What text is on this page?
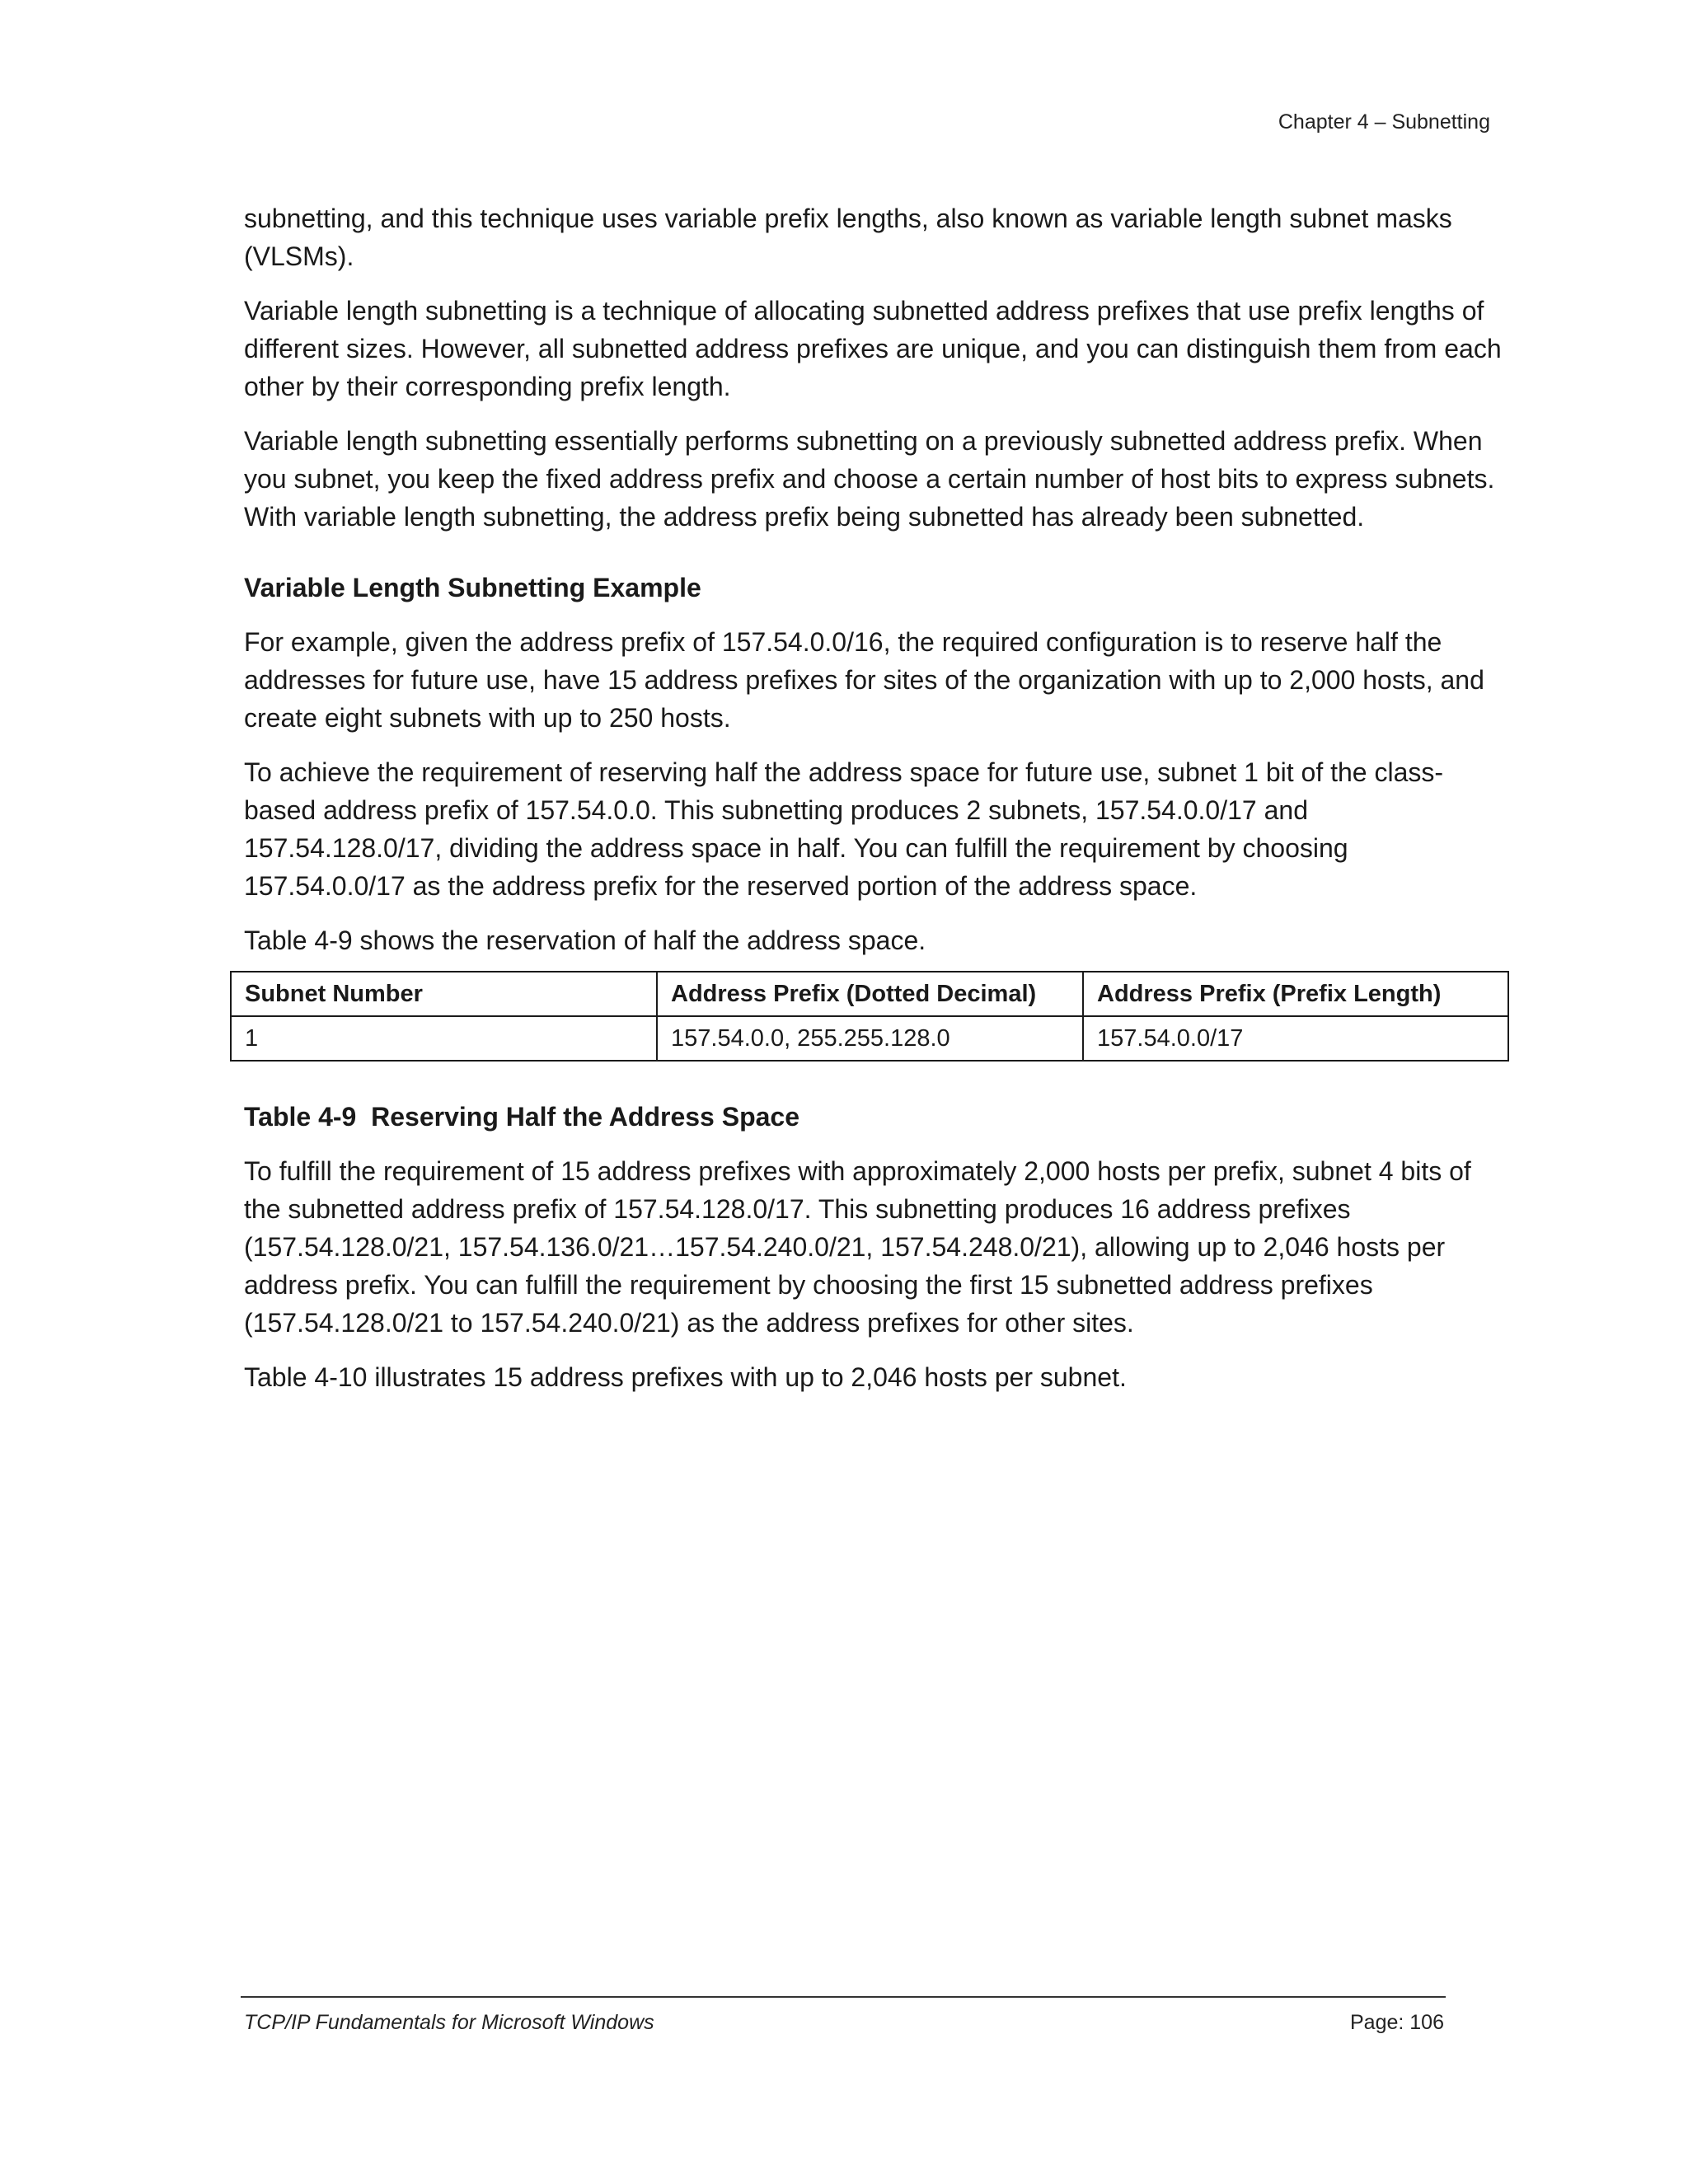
Chapter 4 – Subnetting

subnetting, and this technique uses variable prefix lengths, also known as variable length subnet masks (VLSMs).

Variable length subnetting is a technique of allocating subnetted address prefixes that use prefix lengths of different sizes. However, all subnetted address prefixes are unique, and you can distinguish them from each other by their corresponding prefix length.

Variable length subnetting essentially performs subnetting on a previously subnetted address prefix. When you subnet, you keep the fixed address prefix and choose a certain number of host bits to express subnets. With variable length subnetting, the address prefix being subnetted has already been subnetted.

Variable Length Subnetting Example

For example, given the address prefix of 157.54.0.0/16, the required configuration is to reserve half the addresses for future use, have 15 address prefixes for sites of the organization with up to 2,000 hosts, and create eight subnets with up to 250 hosts.

To achieve the requirement of reserving half the address space for future use, subnet 1 bit of the class-based address prefix of 157.54.0.0. This subnetting produces 2 subnets, 157.54.0.0/17 and 157.54.128.0/17, dividing the address space in half. You can fulfill the requirement by choosing 157.54.0.0/17 as the address prefix for the reserved portion of the address space.

Table 4-9 shows the reservation of half the address space.

Subnet Number	Address Prefix (Dotted Decimal)	Address Prefix (Prefix Length)
1	157.54.0.0, 255.255.128.0	157.54.0.0/17

Table 4-9  Reserving Half the Address Space

To fulfill the requirement of 15 address prefixes with approximately 2,000 hosts per prefix, subnet 4 bits of the subnetted address prefix of 157.54.128.0/17. This subnetting produces 16 address prefixes (157.54.128.0/21, 157.54.136.0/21…157.54.240.0/21, 157.54.248.0/21), allowing up to 2,046 hosts per address prefix. You can fulfill the requirement by choosing the first 15 subnetted address prefixes (157.54.128.0/21 to 157.54.240.0/21) as the address prefixes for other sites.

Table 4-10 illustrates 15 address prefixes with up to 2,046 hosts per subnet.

TCP/IP Fundamentals for Microsoft Windows	Page: 106
